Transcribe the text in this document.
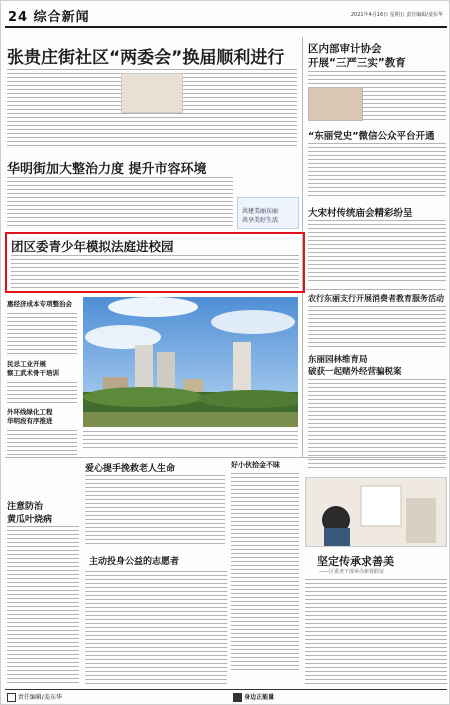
24 综合新闻	2021年4月16日 星期五 责任编辑/姜东华
张贵庄街社区“两委会”换届顺利进行
华明街加大整治力度 提升市容环境
共建美丽东丽
共享美好生活
团区委青少年模拟法庭进校园
惠经济成本专项整治会
民忌工业开展
察工武术骨干培训
外环线绿化工程
华明段有序推进
区内部审计协会
开展“三严三实”教育
“东丽党史”微信公众平台开通
大宋村传统庙会精彩纷呈
农行东丽支行开展消费者教育服务活动
东丽园林维育局
破获一起赌外经营骗税案
爱心提手挽救老人生命	好小伙拾金不昧
注意防治
黄瓜叶烧病
主动投身公益的志愿者	坚定传承求善美
——区委老干部举办新春联谊
责任编辑/姜东华	身边正能量
